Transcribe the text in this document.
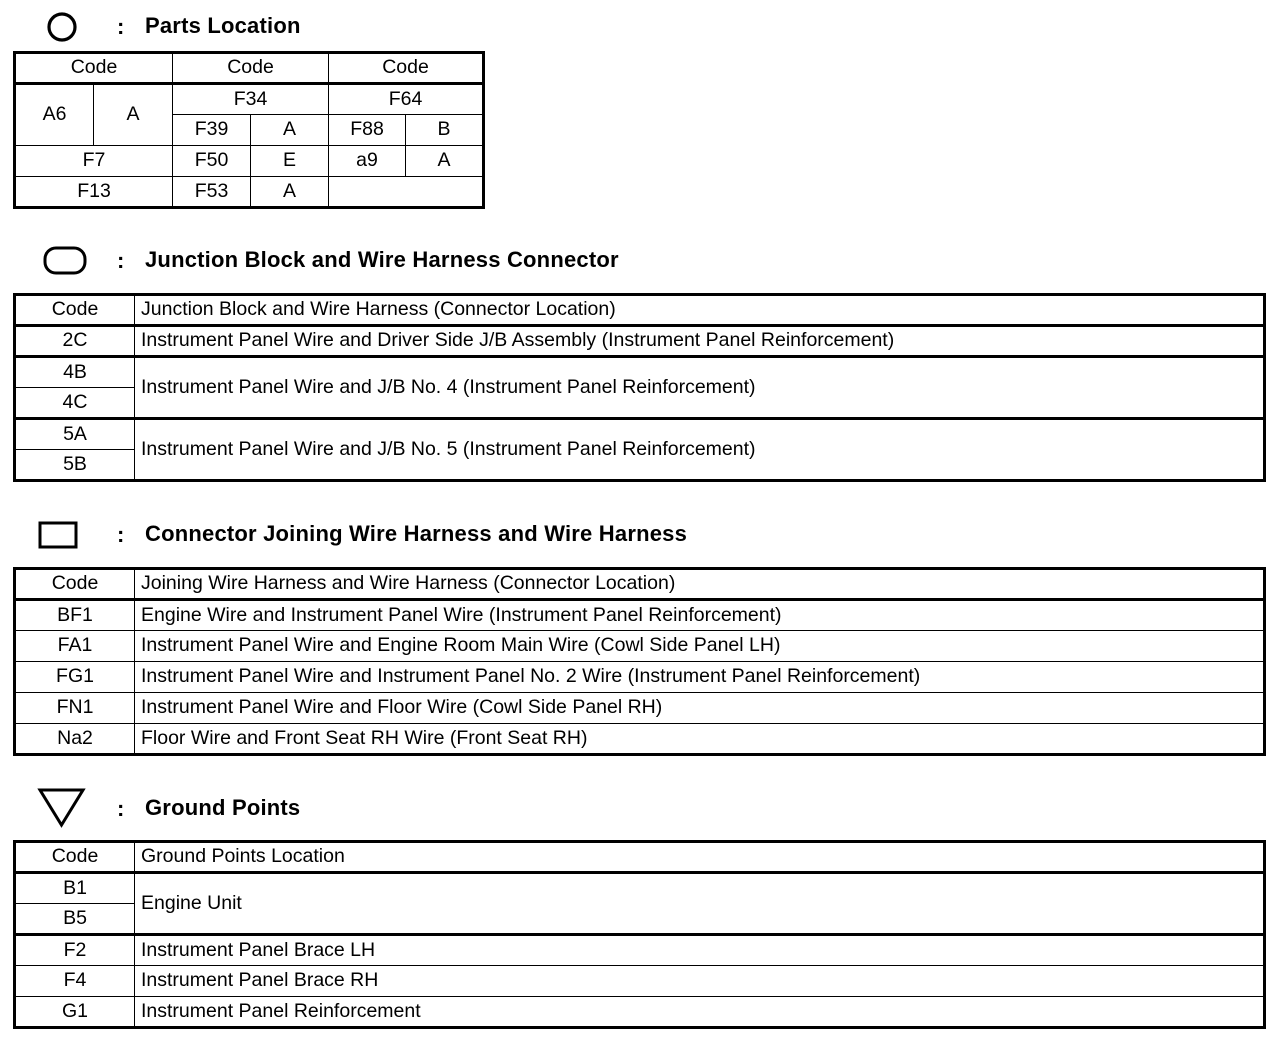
: Parts Location
Code		Code		Code	
A6	A	F34		F64	
		F39	A	F88	B
F7		F50	E	a9	A
F13		F53	A		
: Junction Block and Wire Harness Connector
Code	Junction Block and Wire Harness (Connector Location)
2C	Instrument Panel Wire and Driver Side J/B Assembly (Instrument Panel Reinforcement)
4B	Instrument Panel Wire and J/B No. 4 (Instrument Panel Reinforcement)
4C	
5A	Instrument Panel Wire and J/B No. 5 (Instrument Panel Reinforcement)
5B	
: Connector Joining Wire Harness and Wire Harness
Code	Joining Wire Harness and Wire Harness (Connector Location)
BF1	Engine Wire and Instrument Panel Wire (Instrument Panel Reinforcement)
FA1	Instrument Panel Wire and Engine Room Main Wire (Cowl Side Panel LH)
FG1	Instrument Panel Wire and Instrument Panel No. 2 Wire (Instrument Panel Reinforcement)
FN1	Instrument Panel Wire and Floor Wire (Cowl Side Panel RH)
Na2	Floor Wire and Front Seat RH Wire (Front Seat RH)
: Ground Points
Code	Ground Points Location
B1	Engine Unit
B5	
F2	Instrument Panel Brace LH
F4	Instrument Panel Brace RH
G1	Instrument Panel Reinforcement
